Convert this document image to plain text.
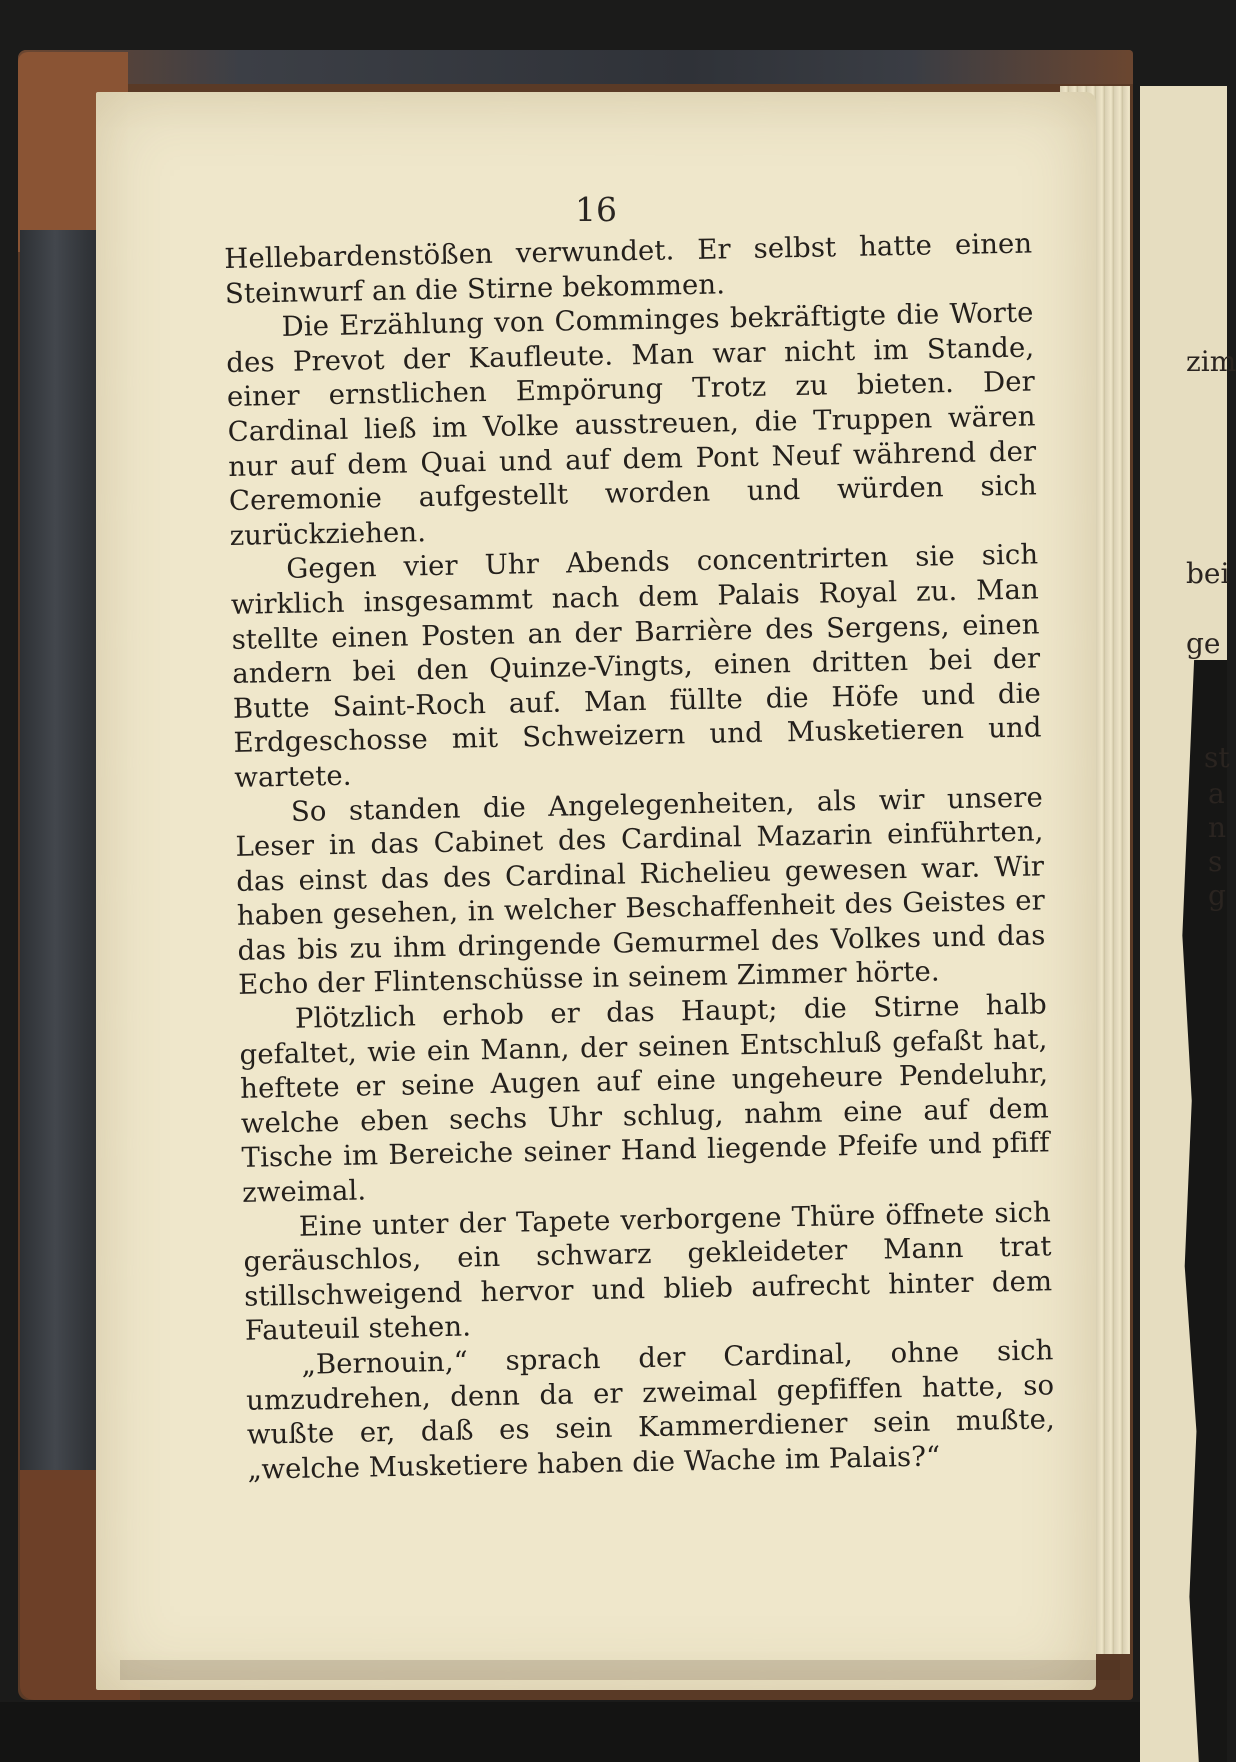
zim
bei
ge
st
a
n
s
g
16

Hellebardenstößen verwundet. Er selbst hatte einen Steinwurf an die Stirne bekommen.

Die Erzählung von Comminges bekräftigte die Worte des Prevot der Kaufleute. Man war nicht im Stande, einer ernstlichen Empörung Trotz zu bieten. Der Cardinal ließ im Volke ausstreuen, die Truppen wären nur auf dem Quai und auf dem Pont Neuf während der Ceremonie aufgestellt worden und würden sich zurückziehen.

Gegen vier Uhr Abends concentrirten sie sich wirklich insgesammt nach dem Palais Royal zu. Man stellte einen Posten an der Barrière des Sergens, einen andern bei den Quinze-Vingts, einen dritten bei der Butte Saint-Roch auf. Man füllte die Höfe und die Erdgeschosse mit Schweizern und Musketieren und wartete.

So standen die Angelegenheiten, als wir unsere Leser in das Cabinet des Cardinal Mazarin einführten, das einst das des Cardinal Richelieu gewesen war. Wir haben gesehen, in welcher Beschaffenheit des Geistes er das bis zu ihm dringende Gemurmel des Volkes und das Echo der Flintenschüsse in seinem Zimmer hörte.

Plötzlich erhob er das Haupt; die Stirne halb gefaltet, wie ein Mann, der seinen Entschluß gefaßt hat, heftete er seine Augen auf eine ungeheure Pendeluhr, welche eben sechs Uhr schlug, nahm eine auf dem Tische im Bereiche seiner Hand liegende Pfeife und pfiff zweimal.

Eine unter der Tapete verborgene Thüre öffnete sich geräuschlos, ein schwarz gekleideter Mann trat stillschweigend hervor und blieb aufrecht hinter dem Fauteuil stehen.

„Bernouin,“ sprach der Cardinal, ohne sich umzudrehen, denn da er zweimal gepfiffen hatte, so wußte er, daß es sein Kammerdiener sein mußte, „welche Musketiere haben die Wache im Palais?“
